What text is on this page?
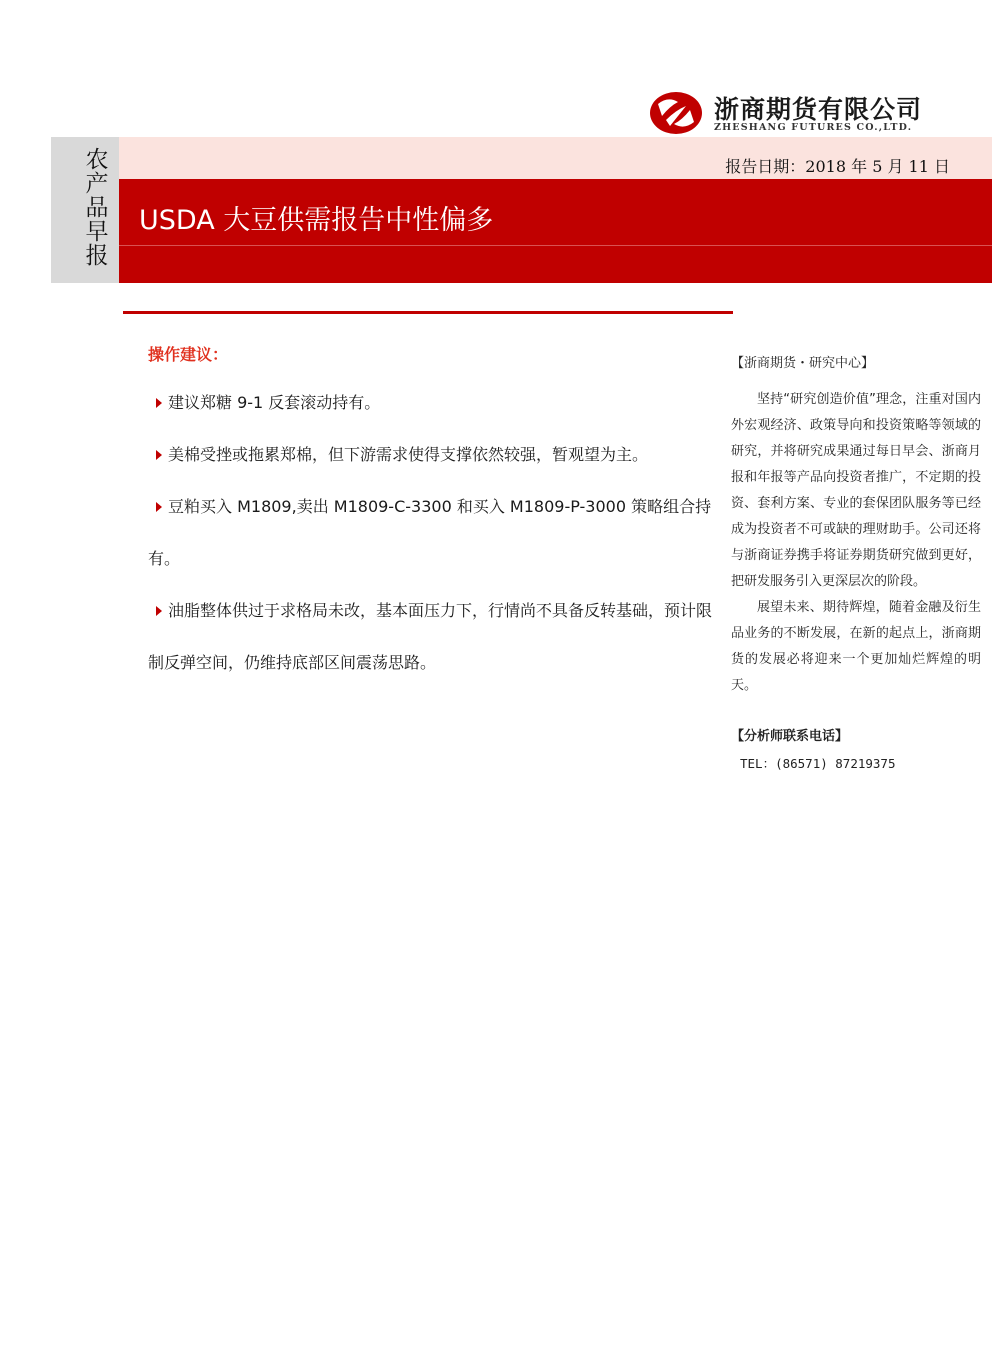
浙商期货有限公司
ZHESHANG FUTURES CO.,LTD.
农产品早报
报告日期：2018 年 5 月 11 日
USDA 大豆供需报告中性偏多
操作建议：
建议郑糖 9-1 反套滚动持有。
美棉受挫或拖累郑棉，但下游需求使得支撑依然较强，暂观望为主。
豆粕买入 M1809,卖出 M1809-C-3300 和买入 M1809-P-3000 策略组合持有。
油脂整体供过于求格局未改，基本面压力下，行情尚不具备反转基础，预计限制反弹空间，仍维持底部区间震荡思路。
【浙商期货・研究中心】

坚持“研究创造价值”理念，注重对国内外宏观经济、政策导向和投资策略等领域的研究，并将研究成果通过每日早会、浙商月报和年报等产品向投资者推广，不定期的投资、套利方案、专业的套保团队服务等已经成为投资者不可或缺的理财助手。公司还将与浙商证券携手将证券期货研究做到更好，把研发服务引入更深层次的阶段。

展望未来、期待辉煌，随着金融及衍生品业务的不断发展，在新的起点上，浙商期货的发展必将迎来一个更加灿烂辉煌的明天。

【分析师联系电话】
TEL：(86571) 87219375
